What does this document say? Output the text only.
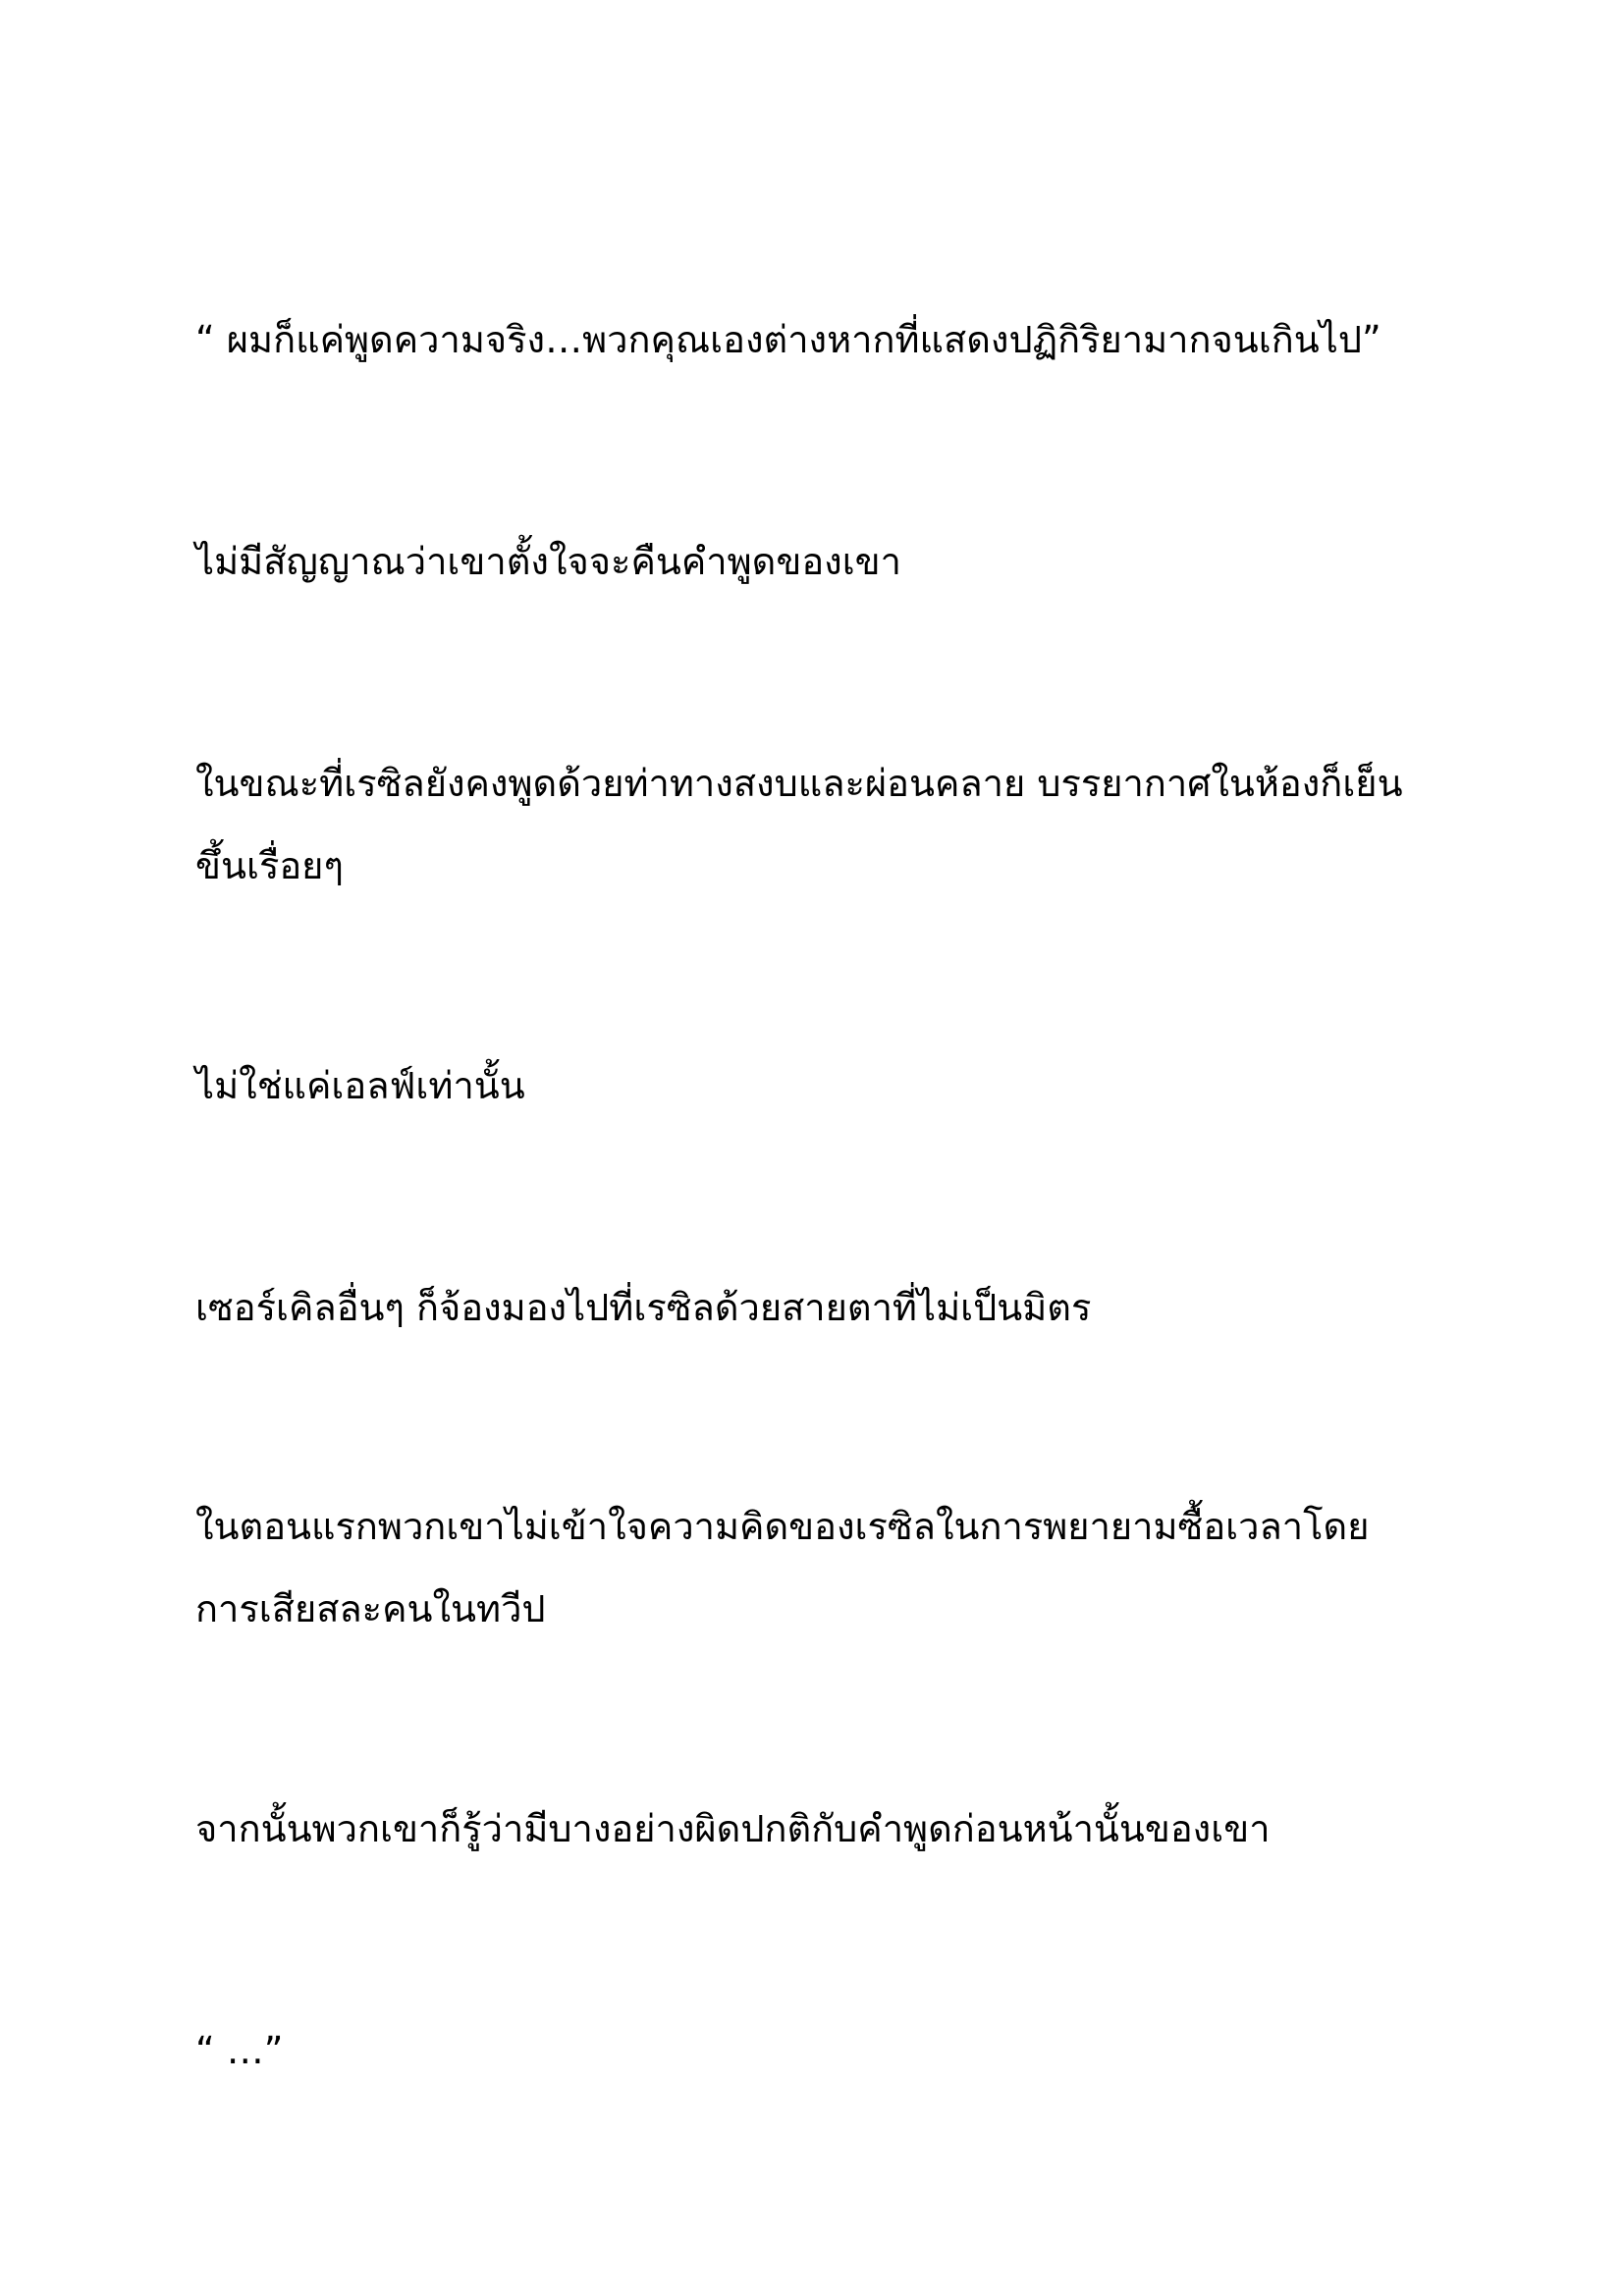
“ ผมก็แค่พูดความจริง…พวกคุณเองต่างหากที่แสดงปฏิกิริยามากจนเกินไป”

ไม่มีสัญญาณว่าเขาตั้งใจจะคืนคำพูดของเขา

ในขณะที่เรซิลยังคงพูดด้วยท่าทางสงบและผ่อนคลาย บรรยากาศในห้องก็เย็นขึ้นเรื่อยๆ

ไม่ใช่แค่เอลฟ์เท่านั้น

เซอร์เคิลอื่นๆ ก็จ้องมองไปที่เรซิลด้วยสายตาที่ไม่เป็นมิตร

ในตอนแรกพวกเขาไม่เข้าใจความคิดของเรซิลในการพยายามซื้อเวลาโดยการเสียสละคนในทวีป

จากนั้นพวกเขาก็รู้ว่ามีบางอย่างผิดปกติกับคำพูดก่อนหน้านั้นของเขา

“ …”
